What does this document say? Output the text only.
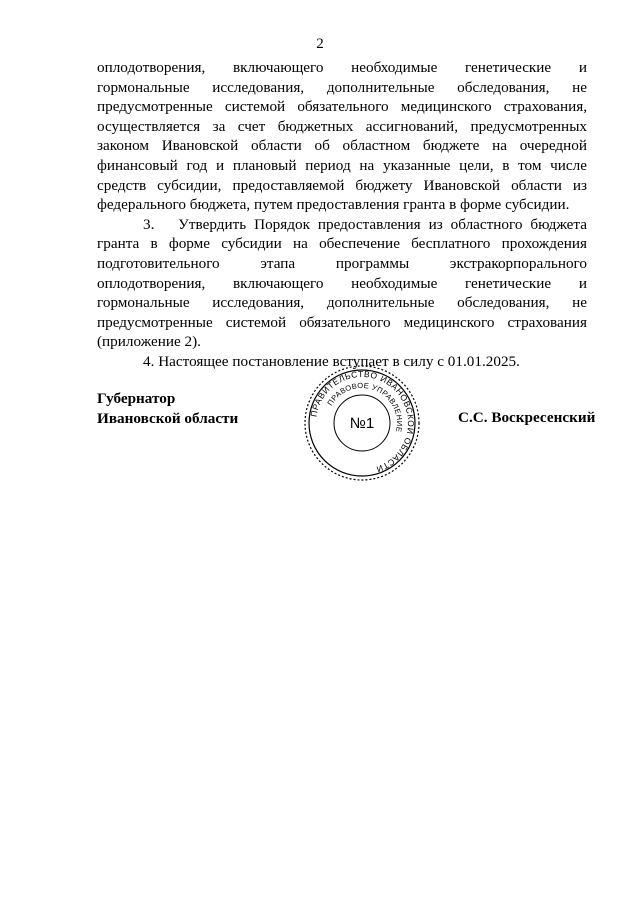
2

оплодотворения, включающего необходимые генетические и гормональные исследования, дополнительные обследования, не предусмотренные системой обязательного медицинского страхования, осуществляется за счет бюджетных ассигнований, предусмотренных законом Ивановской области об областном бюджете на очередной финансовый год и плановый период на указанные цели, в том числе средств субсидии, предоставляемой бюджету Ивановской области из федерального бюджета, путем предоставления гранта в форме субсидии.

3.   Утвердить Порядок предоставления из областного бюджета гранта в форме субсидии на обеспечение бесплатного прохождения подготовительного этапа программы экстракорпорального оплодотворения, включающего необходимые генетические и гормональные исследования, дополнительные обследования, не предусмотренные системой обязательного медицинского страхования (приложение 2).

4. Настоящее постановление вступает в силу с 01.01.2025.

Губернатор
Ивановской области	ПРАВИТЕЛЬСТВО ИВАНОВСКОЙ ОБЛАСТИ
ПРАВОВОЕ УПРАВЛЕНИЕ
№1	С.С. Воскресенский
